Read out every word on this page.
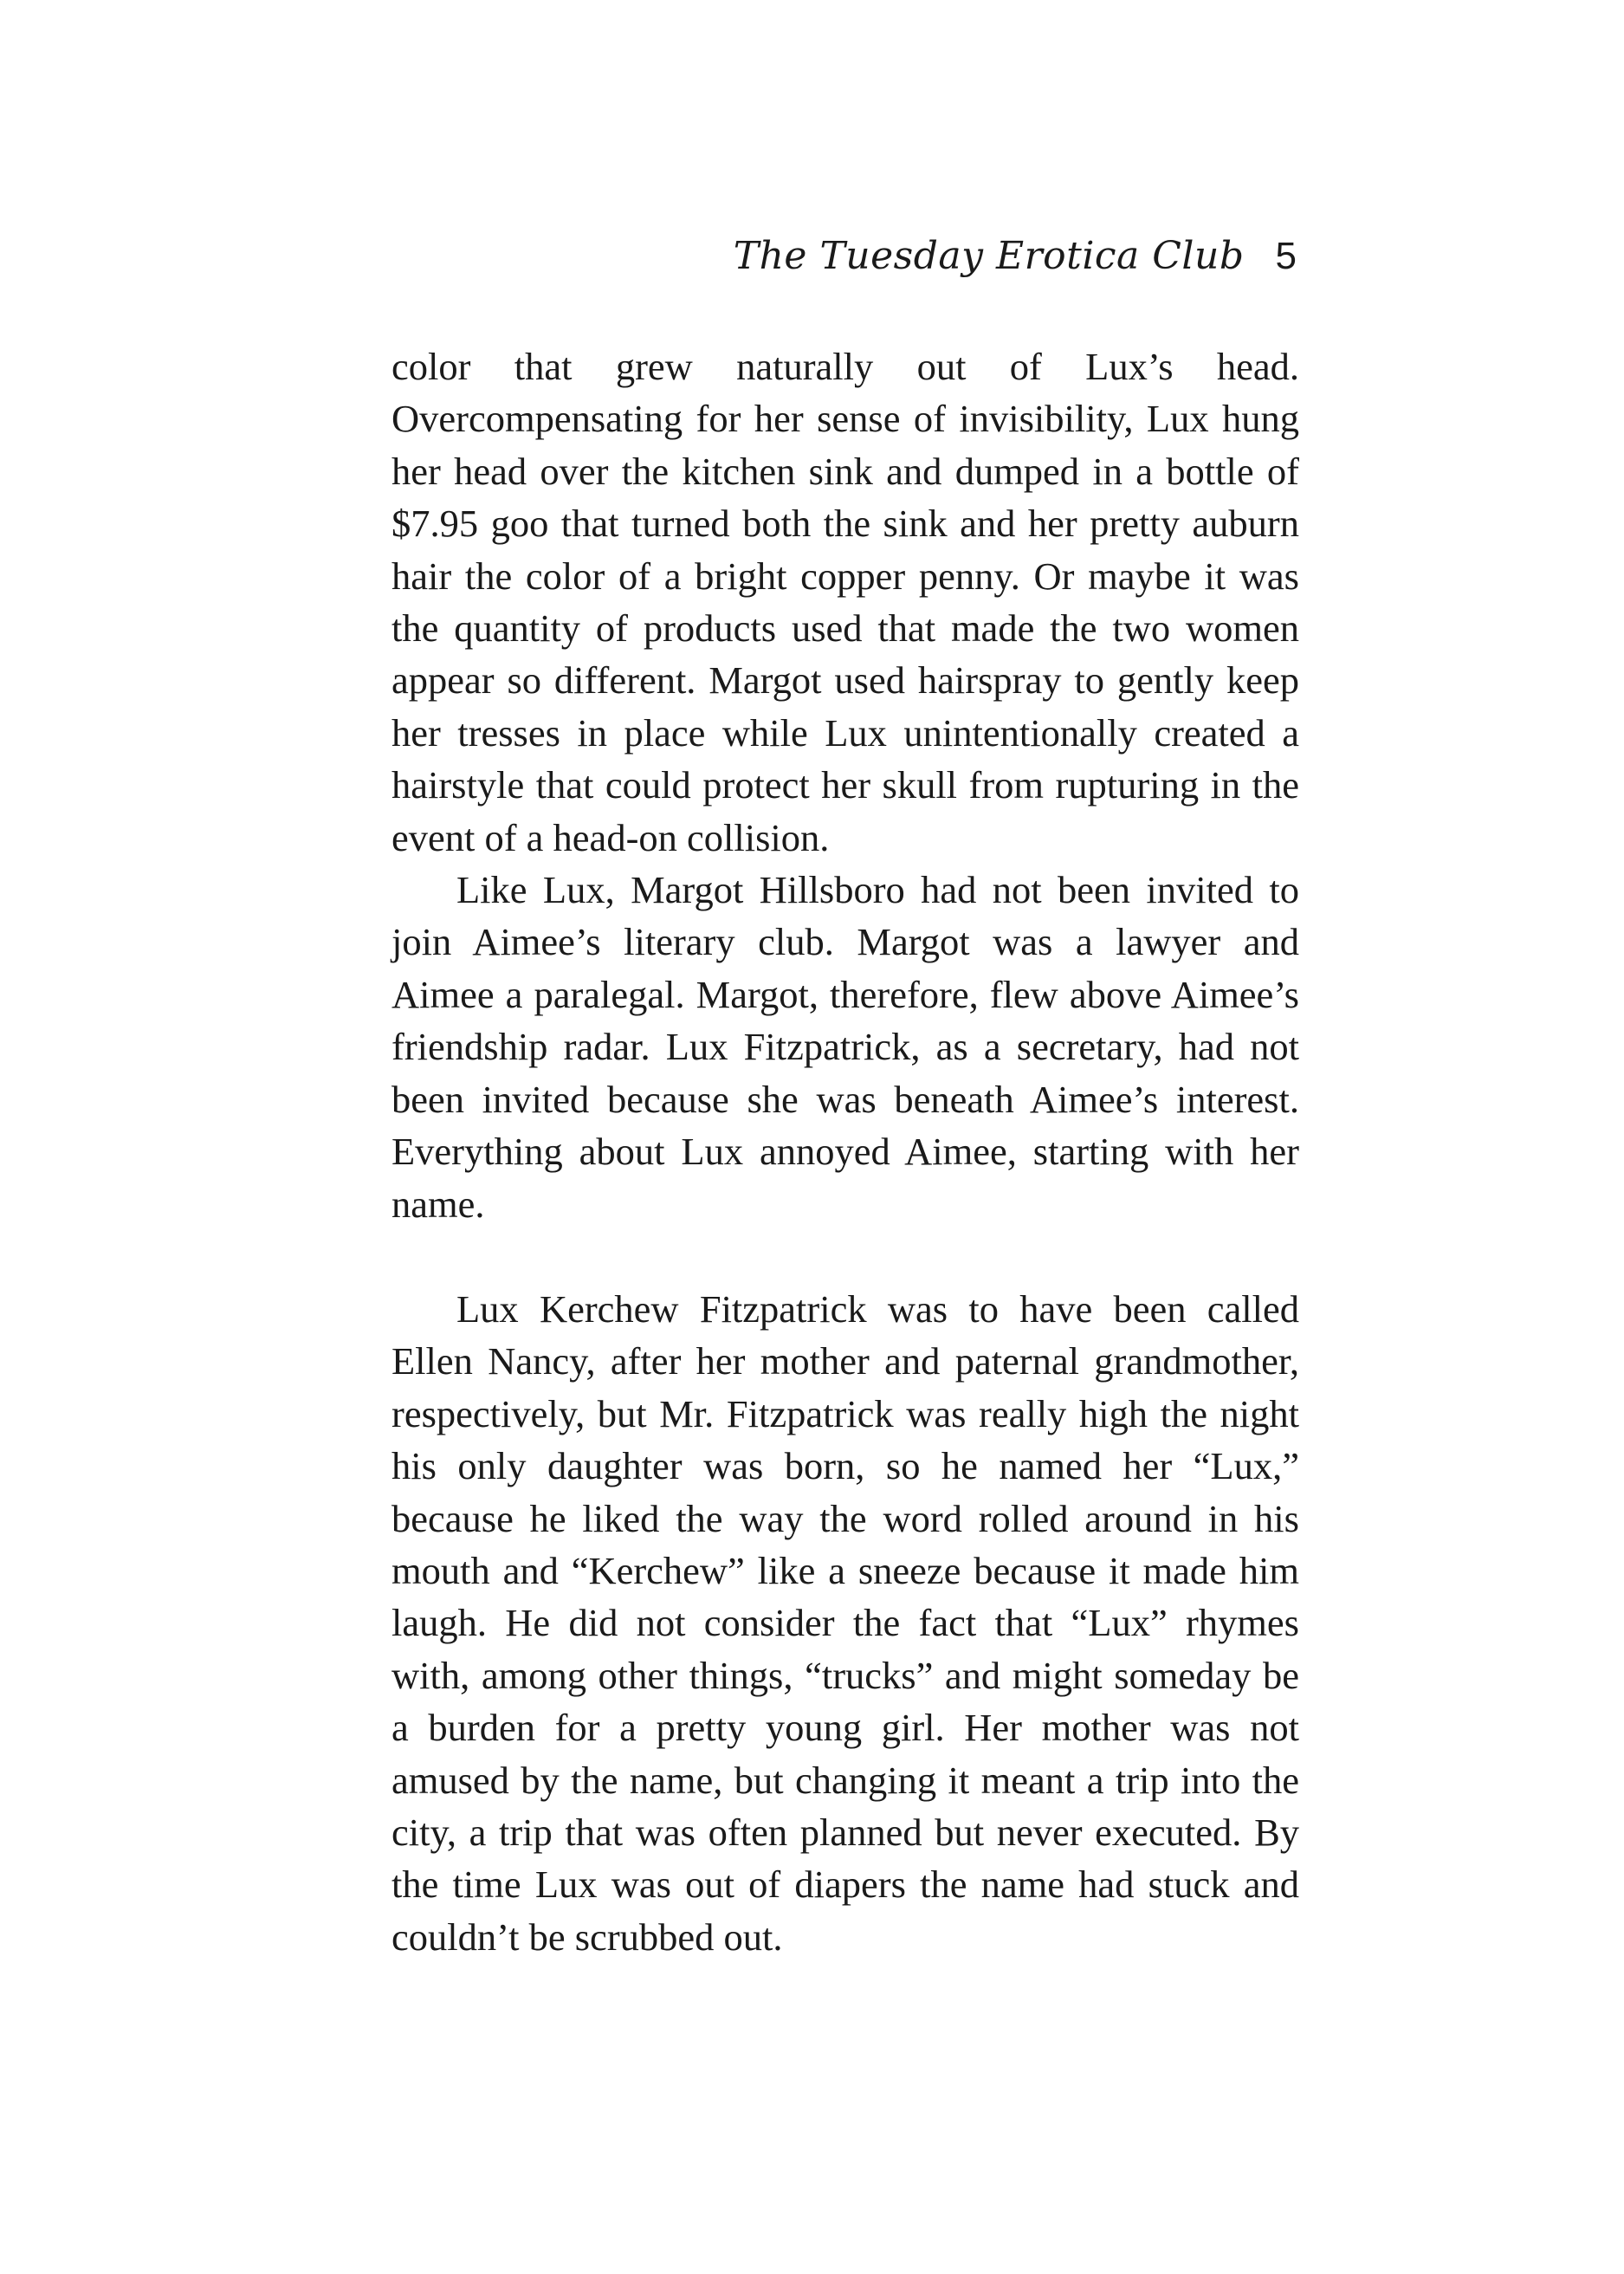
The Tuesday Erotica Club 5

color that grew naturally out of Lux’s head. Overcompensating for her sense of invisibility, Lux hung her head over the kitchen sink and dumped in a bottle of $7.95 goo that turned both the sink and her pretty auburn hair the color of a bright copper penny. Or maybe it was the quantity of products used that made the two women appear so different. Margot used hairspray to gently keep her tresses in place while Lux unintentionally created a hairstyle that could protect her skull from rupturing in the event of a head-on collision.

Like Lux, Margot Hillsboro had not been invited to join Aimee’s literary club. Margot was a lawyer and Aimee a paralegal. Margot, therefore, flew above Aimee’s friendship radar. Lux Fitzpatrick, as a secretary, had not been invited because she was beneath Aimee’s interest. Everything about Lux annoyed Aimee, starting with her name.

Lux Kerchew Fitzpatrick was to have been called Ellen Nancy, after her mother and paternal grandmother, respectively, but Mr. Fitzpatrick was really high the night his only daughter was born, so he named her “Lux,” because he liked the way the word rolled around in his mouth and “Kerchew” like a sneeze because it made him laugh. He did not consider the fact that “Lux” rhymes with, among other things, “trucks” and might someday be a burden for a pretty young girl. Her mother was not amused by the name, but changing it meant a trip into the city, a trip that was often planned but never executed. By the time Lux was out of diapers the name had stuck and couldn’t be scrubbed out.
